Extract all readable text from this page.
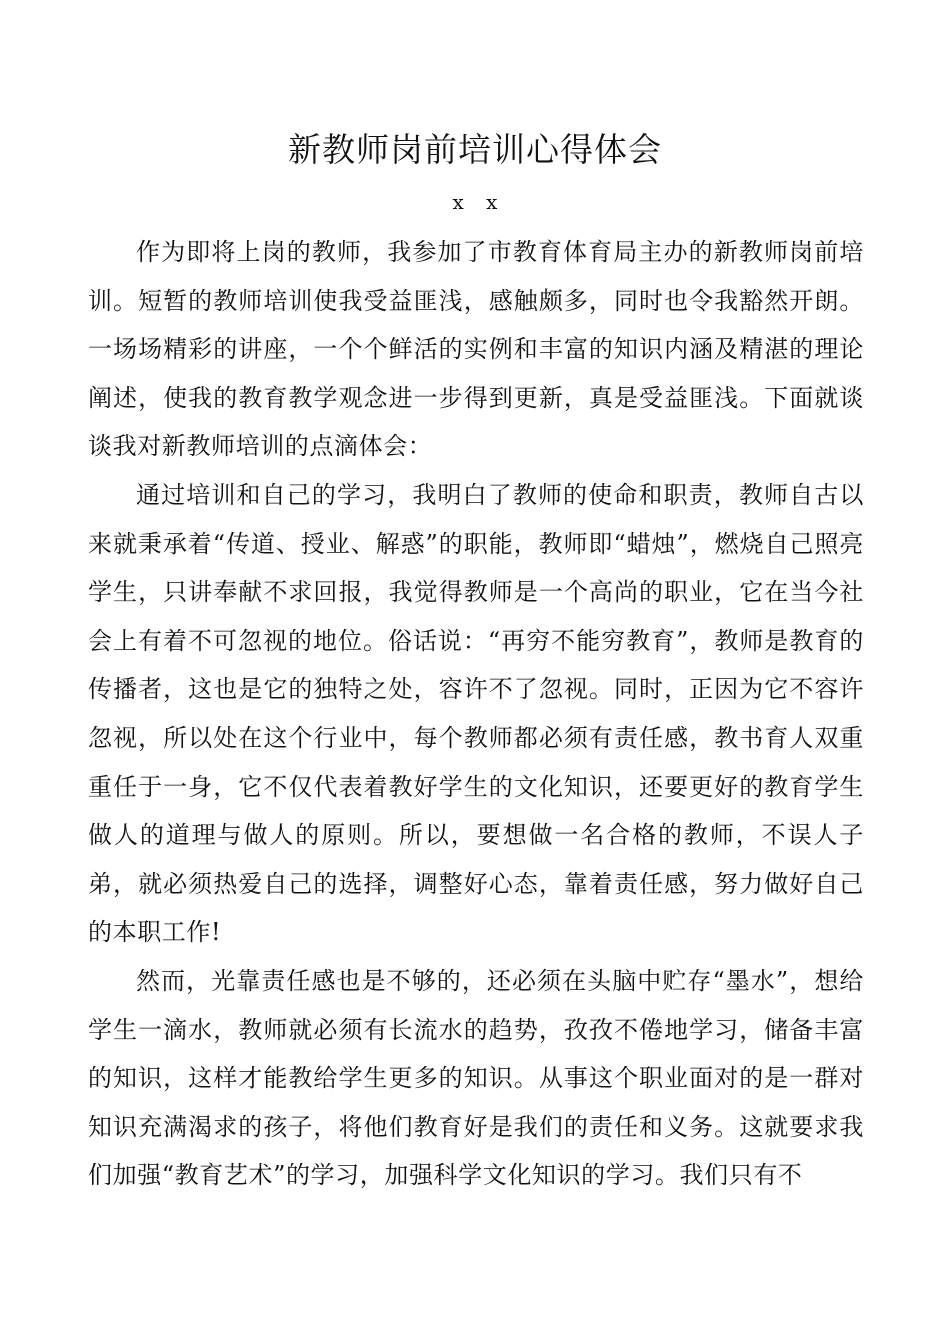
新教师岗前培训心得体会
x x

作为即将上岗的教师，我参加了市教育体育局主办的新教师岗前培训。短暂的教师培训使我受益匪浅，感触颇多，同时也令我豁然开朗。一场场精彩的讲座，一个个鲜活的实例和丰富的知识内涵及精湛的理论阐述，使我的教育教学观念进一步得到更新，真是受益匪浅。下面就谈谈我对新教师培训的点滴体会：

通过培训和自己的学习，我明白了教师的使命和职责，教师自古以来就秉承着“传道、授业、解惑”的职能，教师即“蜡烛”，燃烧自己照亮学生，只讲奉献不求回报，我觉得教师是一个高尚的职业，它在当今社会上有着不可忽视的地位。俗话说：“再穷不能穷教育”，教师是教育的传播者，这也是它的独特之处，容许不了忽视。同时，正因为它不容许忽视，所以处在这个行业中，每个教师都必须有责任感，教书育人双重重任于一身，它不仅代表着教好学生的文化知识，还要更好的教育学生做人的道理与做人的原则。所以，要想做一名合格的教师，不误人子弟，就必须热爱自己的选择，调整好心态，靠着责任感，努力做好自己的本职工作!

然而，光靠责任感也是不够的，还必须在头脑中贮存“墨水”，想给学生一滴水，教师就必须有长流水的趋势，孜孜不倦地学习，储备丰富的知识，这样才能教给学生更多的知识。从事这个职业面对的是一群对知识充满渴求的孩子，将他们教育好是我们的责任和义务。这就要求我们加强“教育艺术”的学习，加强科学文化知识的学习。我们只有不
